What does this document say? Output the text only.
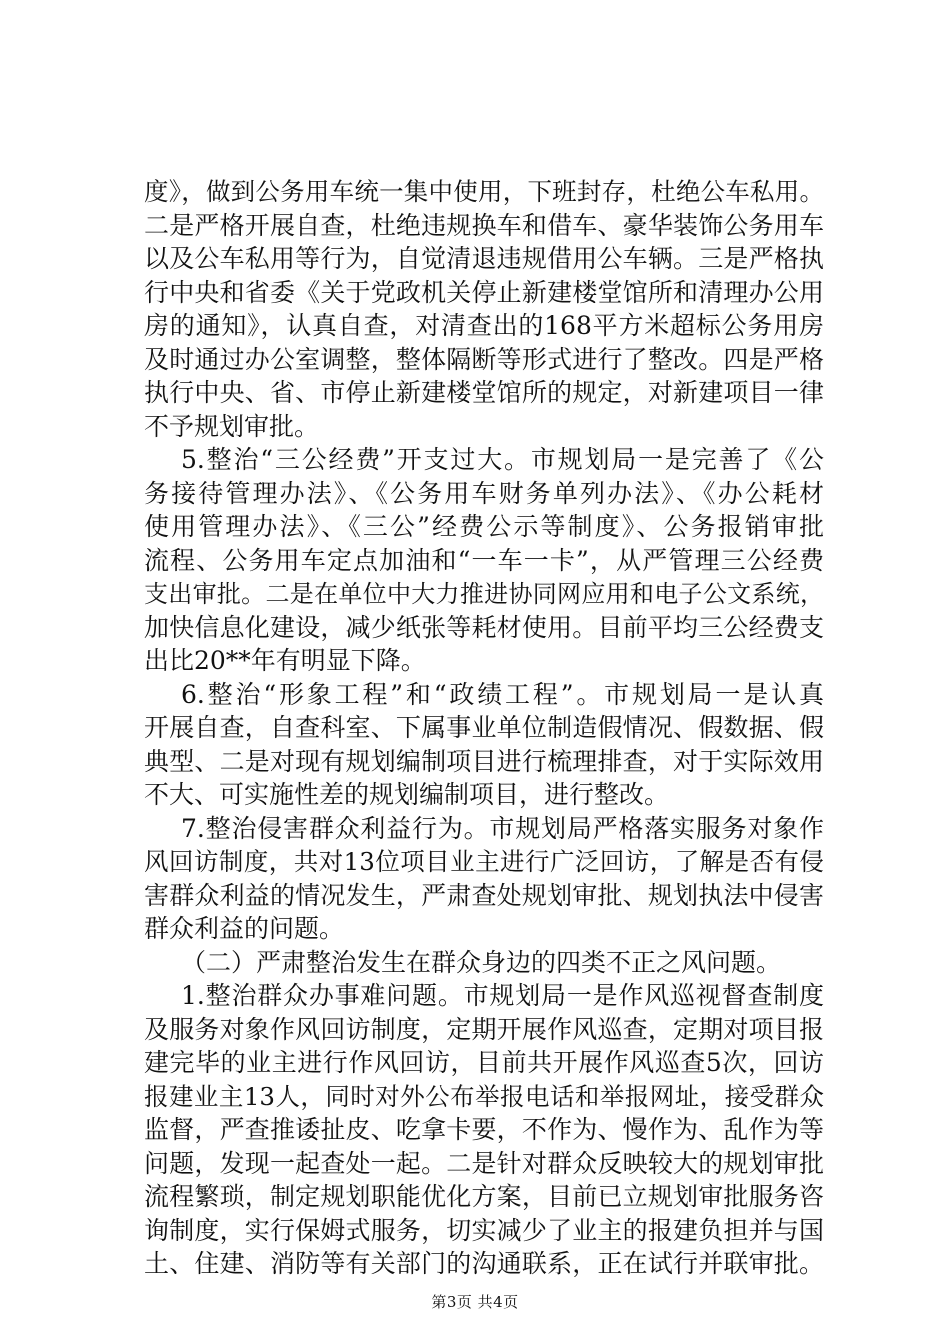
度》，做到公务用车统一集中使用，下班封存，杜绝公车私用。
二是严格开展自查，杜绝违规换车和借车、豪华装饰公务用车
以及公车私用等行为，自觉清退违规借用公车辆。三是严格执
行中央和省委《关于党政机关停止新建楼堂馆所和清理办公用
房的通知》，认真自查，对清查出的168平方米超标公务用房
及时通过办公室调整，整体隔断等形式进行了整改。四是严格
执行中央、省、市停止新建楼堂馆所的规定，对新建项目一律
不予规划审批。
5.整治“三公经费”开支过大。市规划局一是完善了《公
务接待管理办法》、《公务用车财务单列办法》、《办公耗材
使用管理办法》、《三公”经费公示等制度》、公务报销审批
流程、公务用车定点加油和“一车一卡”，从严管理三公经费
支出审批。二是在单位中大力推进协同网应用和电子公文系统，
加快信息化建设，减少纸张等耗材使用。目前平均三公经费支
出比20**年有明显下降。
6.整治“形象工程”和“政绩工程”。市规划局一是认真
开展自查，自查科室、下属事业单位制造假情况、假数据、假
典型、二是对现有规划编制项目进行梳理排查，对于实际效用
不大、可实施性差的规划编制项目，进行整改。
7.整治侵害群众利益行为。市规划局严格落实服务对象作
风回访制度，共对13位项目业主进行广泛回访，了解是否有侵
害群众利益的情况发生，严肃查处规划审批、规划执法中侵害
群众利益的问题。
（二）严肃整治发生在群众身边的四类不正之风问题。
1.整治群众办事难问题。市规划局一是作风巡视督查制度
及服务对象作风回访制度，定期开展作风巡查，定期对项目报
建完毕的业主进行作风回访，目前共开展作风巡查5次，回访
报建业主13人，同时对外公布举报电话和举报网址，接受群众
监督，严查推诿扯皮、吃拿卡要，不作为、慢作为、乱作为等
问题，发现一起查处一起。二是针对群众反映较大的规划审批
流程繁琐，制定规划职能优化方案，目前已立规划审批服务咨
询制度，实行保姆式服务，切实减少了业主的报建负担并与国
土、住建、消防等有关部门的沟通联系，正在试行并联审批。
第3页 共4页
